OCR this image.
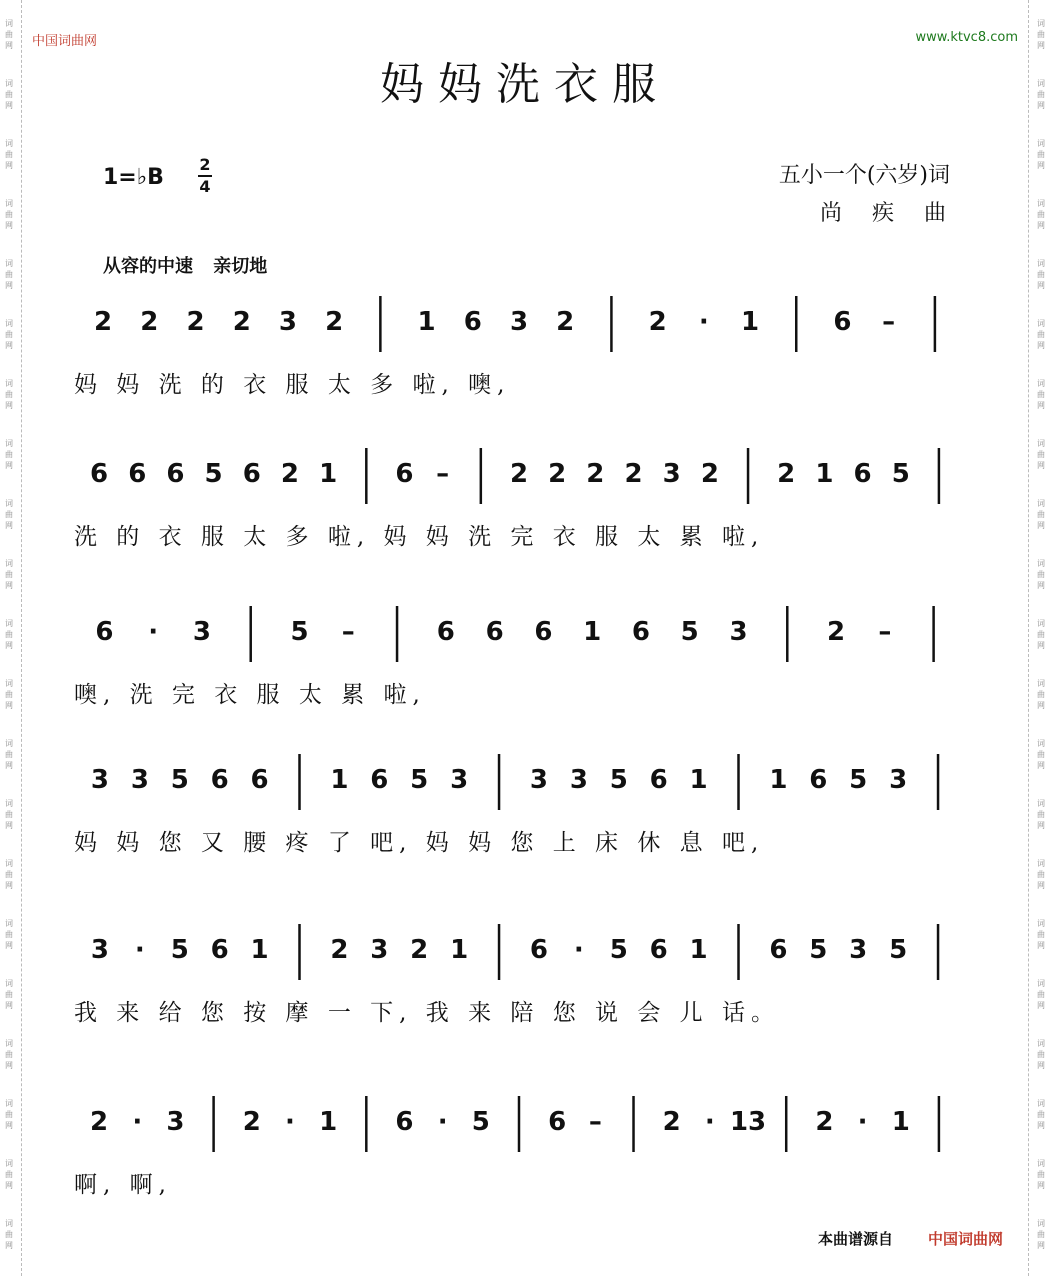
词
曲
网
词
曲
网
词
曲
网
词
曲
网
词
曲
网
词
曲
网
词
曲
网
词
曲
网
词
曲
网
词
曲
网
词
曲
网
词
曲
网
词
曲
网
词
曲
网
词
曲
网
词
曲
网
词
曲
网
词
曲
网
词
曲
网
词
曲
网
词
曲
网
词
曲
网
词
曲
网
词
曲
网
词
曲
网
词
曲
网
词
曲
网
词
曲
网
词
曲
网
词
曲
网
词
曲
网
词
曲
网
词
曲
网
词
曲
网
词
曲
网
词
曲
网
词
曲
网
词
曲
网
词
曲
网
词
曲
网
词
曲
网
词
曲
网
中国词曲网	www.ktvc8.com
妈妈洗衣服
1=♭B
2
4	五小一个(六岁)词
尚　疾　曲
从容的中速 亲切地
2 2 2 2 3 2	1 6 3 2	2 · 1	6 –
妈 妈 洗 的 衣 服 太 多 啦, 噢,
6 6 6 5 6 2 1 6 – 2 2 2 2 3 2 2 1 6 5
洗 的 衣 服 太 多 啦, 妈 妈 洗 完 衣 服 太 累 啦,
6 · 3	5 –	6 6 6 1 6 5 3	2 –
噢, 洗 完 衣 服 太 累 啦,
3 3 5 6 6 1 6 5 3 3 3 5 6 1 1 6 5 3
妈 妈 您 又 腰 疼 了 吧, 妈 妈 您 上 床 休 息 吧,
3 · 5 6 1 2 3 2 1 6 · 5 6 1 6 5 3 5
我 来 给 您 按 摩 一 下, 我 来 陪 您 说 会 儿 话。
2 · 3 2 · 1 6 · 5 6 – 2 · 13 2 · 1
啊, 啊,
本曲谱源自 中国词曲网
